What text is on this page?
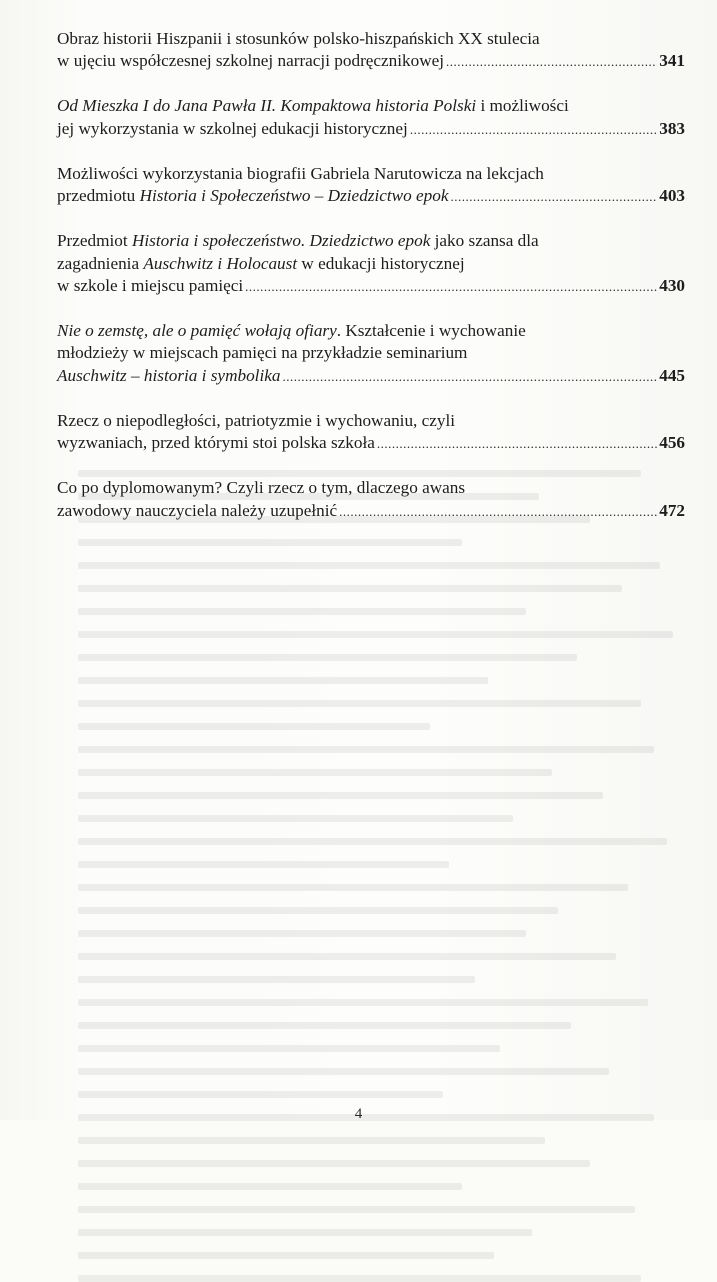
Obraz historii Hiszpanii i stosunków polsko-hiszpańskich XX stulecia
w ujęciu współczesnej szkolnej narracji podręcznikowej .....	341
Od Mieszka I do Jana Pawła II. Kompaktowa historia Polski i możliwości
jej wykorzystania w szkolnej edukacji historycznej .....	383
Możliwości wykorzystania biografii Gabriela Narutowicza na lekcjach
przedmiotu Historia i Społeczeństwo – Dziedzictwo epok .....	403
Przedmiot Historia i społeczeństwo. Dziedzictwo epok jako szansa dla
zagadnienia Auschwitz i Holocaust w edukacji historycznej
w szkole i miejscu pamięci .....	430
Nie o zemstę, ale o pamięć wołają ofiary. Kształcenie i wychowanie
młodzieży w miejscach pamięci na przykładzie seminarium
Auschwitz – historia i symbolika .....	445
Rzecz o niepodległości, patriotyzmie i wychowaniu, czyli
wyzwaniach, przed którymi stoi polska szkoła .....	456
Co po dyplomowanym? Czyli rzecz o tym, dlaczego awans
zawodowy nauczyciela należy uzupełnić .....	472
4
